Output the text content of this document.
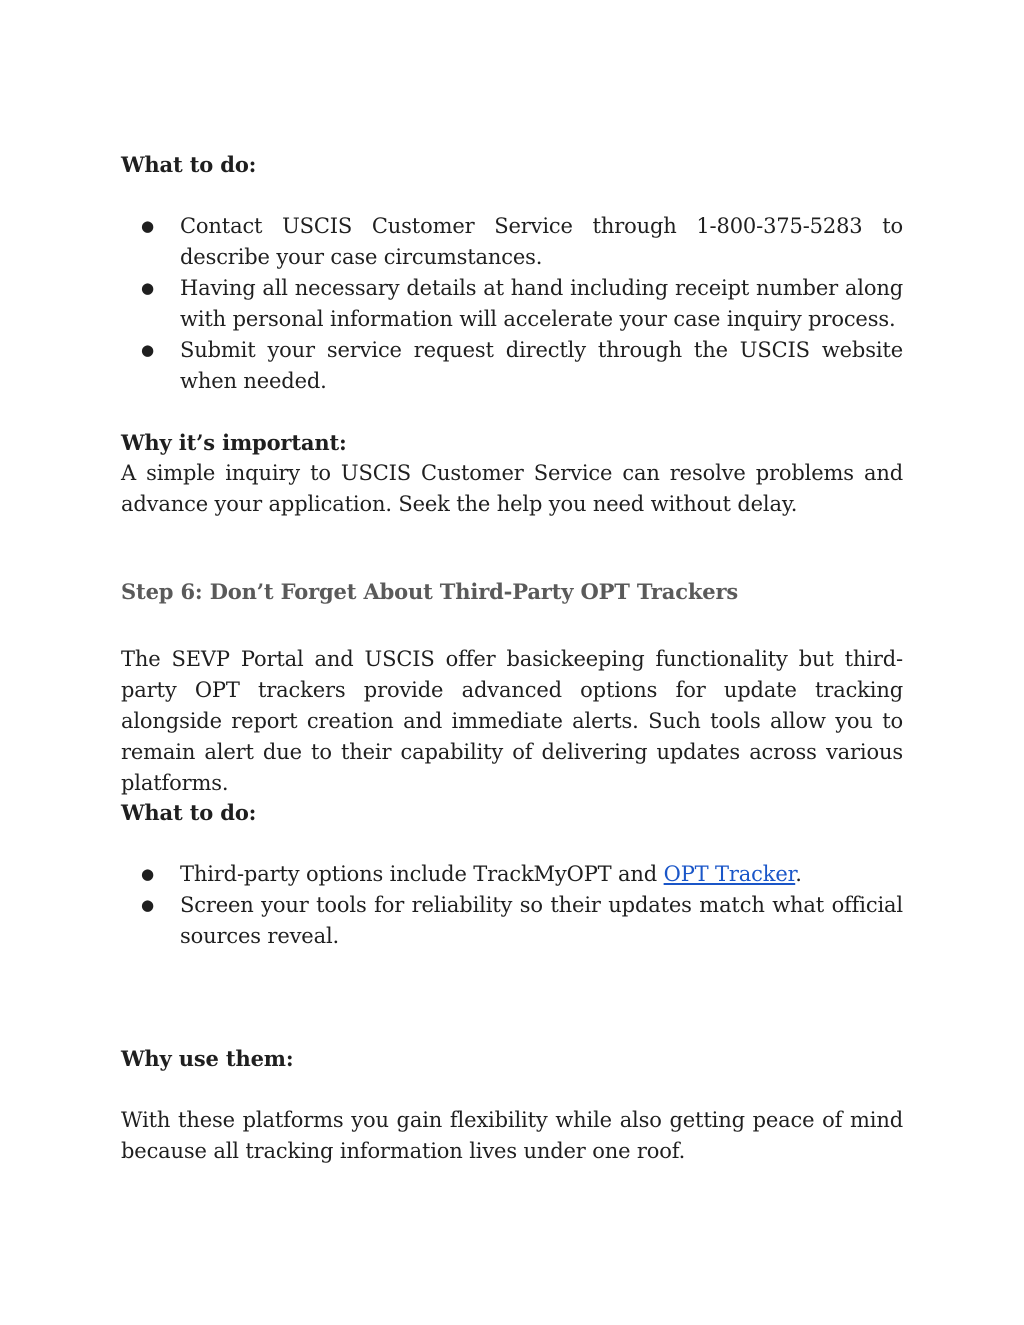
What to do:
● Contact USCIS Customer Service through 1-800-375-5283 to describe your case circumstances.
● Having all necessary details at hand including receipt number along with personal information will accelerate your case inquiry process.
● Submit your service request directly through the USCIS website when needed.
Why it’s important:
A simple inquiry to USCIS Customer Service can resolve problems and advance your application. Seek the help you need without delay.
Step 6: Don’t Forget About Third-Party OPT Trackers
The SEVP Portal and USCIS offer basickeeping functionality but third-party OPT trackers provide advanced options for update tracking alongside report creation and immediate alerts. Such tools allow you to remain alert due to their capability of delivering updates across various platforms.
What to do:
● Third-party options include TrackMyOPT and OPT Tracker.
● Screen your tools for reliability so their updates match what official sources reveal.
Why use them:
With these platforms you gain flexibility while also getting peace of mind because all tracking information lives under one roof.
